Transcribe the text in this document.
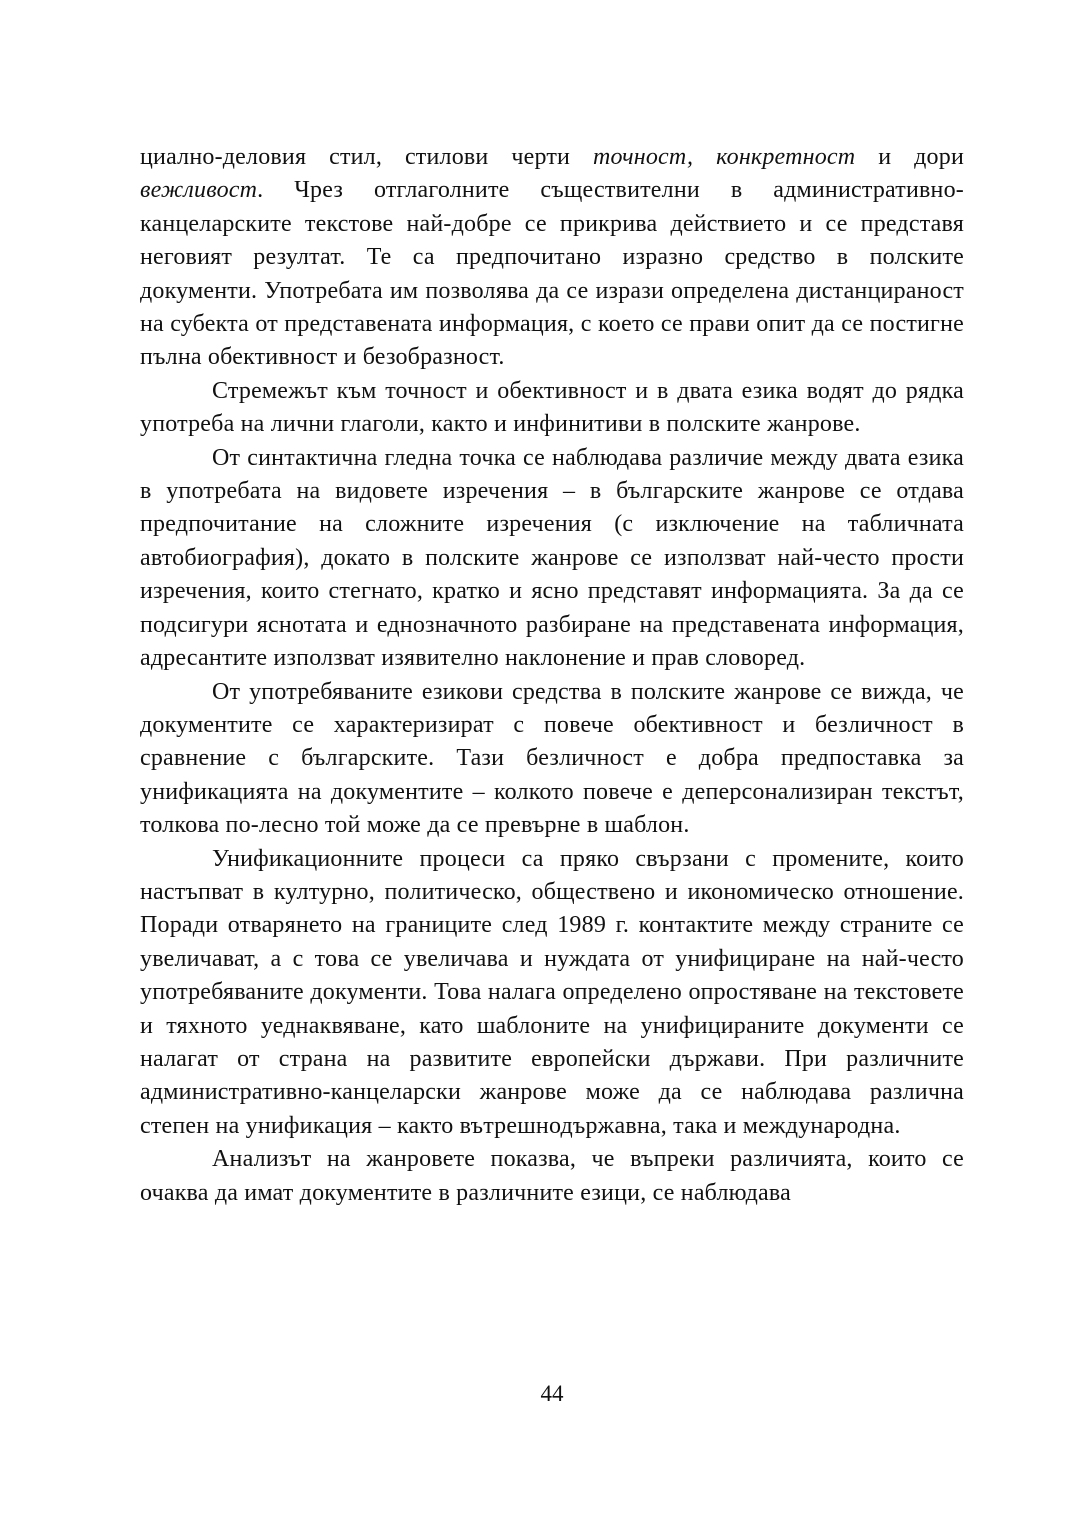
циално-деловия стил, стилови черти точност, конкретност и дори вежливост. Чрез отглаголните съществителни в административно-канцеларските текстове най-добре се прикрива действието и се представя неговият резултат. Те са предпочитано изразно средство в полските документи. Употребата им позволява да се изрази определена дистанцираност на субекта от представената информация, с което се прави опит да се постигне пълна обективност и безобразност.

Стремежът към точност и обективност и в двата езика водят до рядка употреба на лични глаголи, както и инфинитиви в полските жанрове.

От синтактична гледна точка се наблюдава различие между двата езика в употребата на видовете изречения – в българските жанрове се отдава предпочитание на сложните изречения (с изключение на табличната автобиография), докато в полските жанрове се използват най-често прости изречения, които стегнато, кратко и ясно представят информацията. За да се подсигури яснотата и еднозначното разбиране на представената информация, адресантите използват изявително наклонение и прав словоред.

От употребяваните езикови средства в полските жанрове се вижда, че документите се характеризират с повече обективност и безличност в сравнение с българските. Тази безличност е добра предпоставка за унификацията на документите – колкото повече е деперсонализиран текстът, толкова по-лесно той може да се превърне в шаблон.

Унификационните процеси са пряко свързани с промените, които настъпват в културно, политическо, обществено и икономическо отношение. Поради отварянето на границите след 1989 г. контактите между страните се увеличават, а с това се увеличава и нуждата от унифициране на най-често употребяваните документи. Това налага определено опростяване на текстовете и тяхното уеднаквяване, като шаблоните на унифицираните документи се налагат от страна на развитите европейски държави. При различните административно-канцеларски жанрове може да се наблюдава различна степен на унификация – както вътрешнодържавна, така и международна.

Анализът на жанровете показва, че въпреки различията, които се очаква да имат документите в различните езици, се наблюдава

44
